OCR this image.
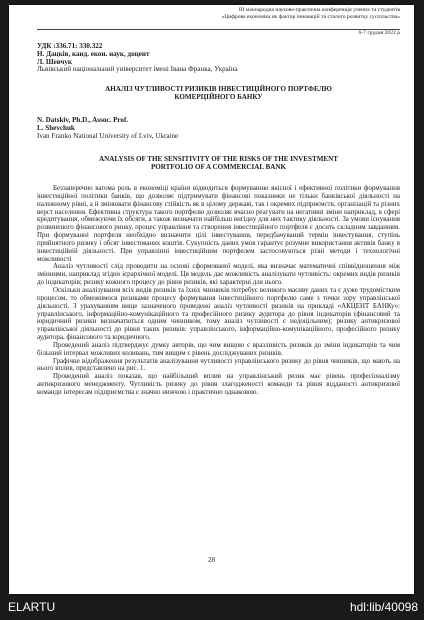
III міжнародна науково-практична конференція учених та студентів
«Цифрова економіка як фактор інновацій та сталого розвитку суспільства»
6-7 грудня 2022 р
УДК :336.71: 330.322
Н. Дацків, канд. екон. наук, доцент
Л. Шевчук
Львівський національний університет імені Івана Франка, Україна
АНАЛІЗ ЧУТЛИВОСТІ РИЗИКІВ ІНВЕСТИЦІЙНОГО ПОРТФЕЛЮ
КОМЕРЦІЙНОГО БАНКУ
N. Datskiv, Ph.D., Assoc. Prof.
L. Shevchuk
Ivan Franko National University of Lviv, Ukraine
ANALYSIS OF THE SENSITIVITY OF THE RISKS OF THE INVESTMENT
PORTFOLIO OF A COMMERCIAL BANK

Беззаперечно вагома роль в економіці країни відводиться формуванню якісної і ефективної політики формування інвестиційної політики банків, що дозволяє підтримувати фінансові показники не тільки банківської діяльності на належному рівні, а й змінювати фінансову стійкість як в цілому державі, так і окремих підприємств, організацій та різних верст населення. Ефективна структура такого портфелю дозволяє вчасно реагувати на негативні зміни наприклад, в сфері кредитування, обмежуючи їх обсяги, а також визначати найбільш вигідну для них тактику діяльності. За умови існування розвиненого фінансового ринку, процес управління та створення інвестиційного портфеля є досить складним завданням. При формуванні портфеля необхідно визначити цілі інвестування, передбачуваний термін інвестування, ступінь прийнятного ризику і обсяг інвестованих коштів. Сукупність даних умов гарантує розумне використання активів банку в інвестиційній діяльності. При управлінні інвестиційним портфелем застосовуються різні методи і технологічні можливості

Аналіз чутливості слід проводити на основі сформованої моделі, яка визначає математичні співвідношення між змінними, наприклад згідно ієрархічної моделі. Ця модель дає можливість аналізувати чутливість: окремих видів ризиків до індикаторів; ризику кожного процесу до рівня ризиків, які характерні для нього.

Оскільки аналізування всіх видів ризиків та їхніх чинників потребує великого масиву даних та є дуже трудомістким процесом, то обмежимося ризиками процесу формування інвестиційного портфелю саме з точки зору управлінської діяльності. З урахуванням вище зазначеного проведено аналіз чутливості ризиків на прикладі «АКЦЕНТ БАНКу»: управлінського, інформаційно-комунікаційного та професійного ризику аудитора до рівня індикаторів (фінансовий та юридичний ризики визначатються одним чинником, тому аналіз чутливості є недоцільним); ризику антикризової управлінської діяльності до рівня таких ризиків: управлінського, інформаційно-комунікаційного, професійного ризику аудитора, фінансового та юридичного.

Проведений аналіз підтверджує думку авторів, що чим вищою є вразливість ризиків до зміни індикаторів та чим більший інтервал можливих коливань, тим вищим є рівень досліджуваних ризиків.

Графічне відображення результатів аналізування чутливості управлінського ризику до рівня чинників, що мають на нього вплив, представлено на рис. 1.

Проведений аналіз показав, що найбільший вплив на управлінський ризик має рівень професіоналізму антикризового менеджменту. Чутливість ризику до рівня злагодженості команди та рівня відданості антикризової команди інтересам підприємства є значно нижчою і практично однаковою.

28
ELARTU	hdl:lib/40098
